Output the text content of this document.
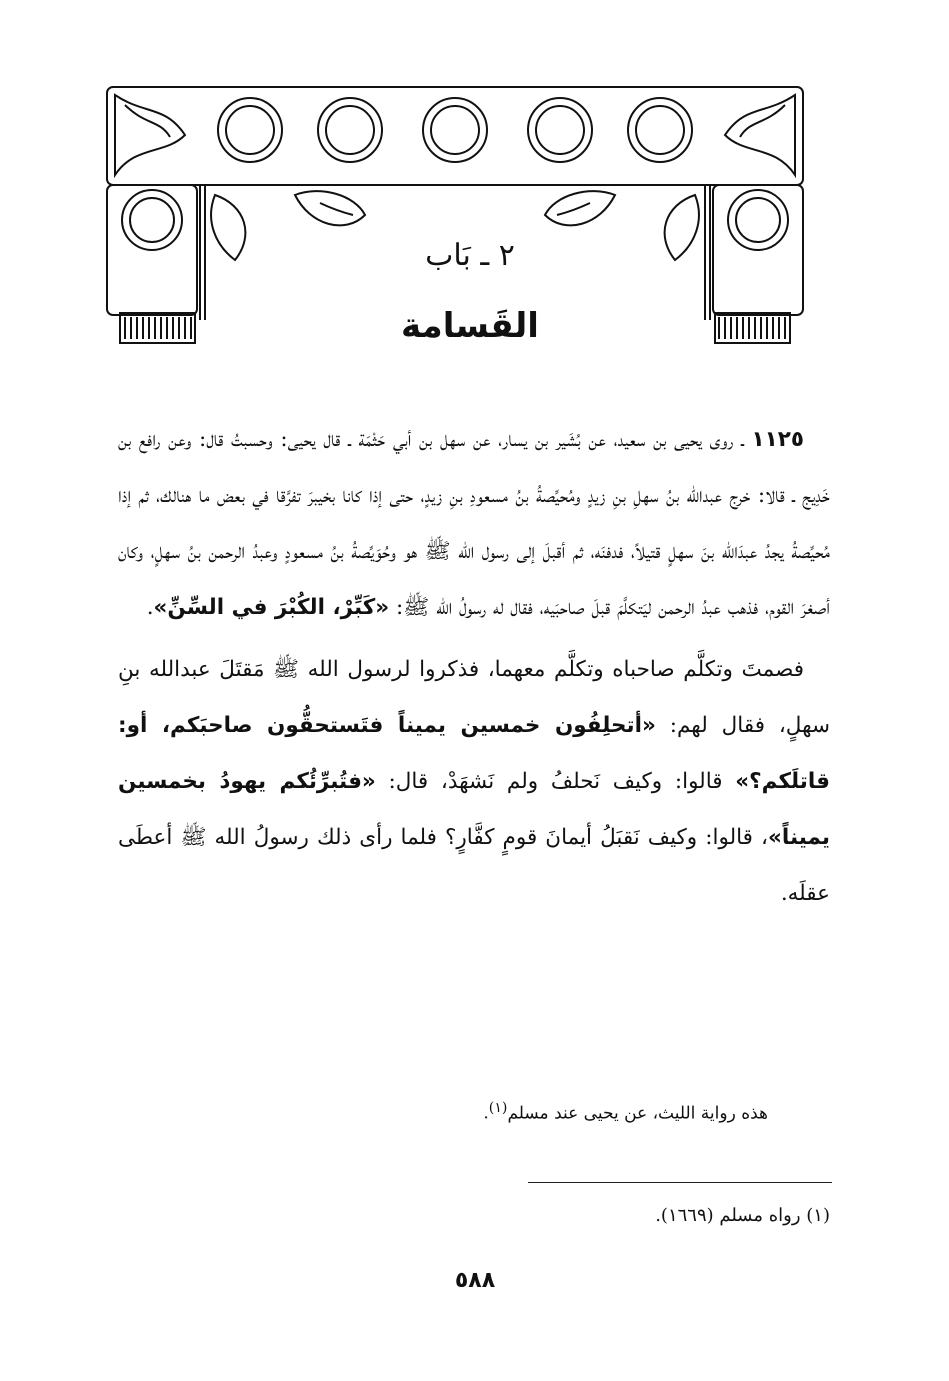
٢ ـ بَاب
القَسامة

١١٢٥ ـ روى يحيى بن سعيد، عن بُشَير بن يسار، عن سهل بن أبي حَثْمَة ـ قال يحيى: وحسبتُ قال: وعن رافع بن خَدِيج ـ قالا: خرج عبدالله بنُ سهلِ بنِ زيدٍ ومُحيِّصةُ بنُ مسعودِ بنِ زيدٍ، حتى إذا كانا بخيبرَ تفرَّقا في بعض ما هنالك، ثم إذا مُحيِّصةُ يجدُ عبدَالله بنَ سهلٍ قتيلاً، فدفنَه، ثم أقبلَ إلى رسول الله ﷺ هو وحُوَيِّصةُ بنُ مسعودٍ وعبدُ الرحمن بنُ سهلٍ، وكان أصغرَ القوم، فذهب عبدُ الرحمن ليَتكلَّمَ قبلَ صاحبَيه، فقال له رسولُ الله ﷺ: «كَبِّرْ، الكُبْرَ في السِّنِّ».

فصمتَ وتكلَّم صاحباه وتكلَّم معهما، فذكروا لرسول الله ﷺ مَقتَلَ عبدالله بنِ سهلٍ، فقال لهم: «أتحلِفُون خمسين يميناً فتَستحقُّون صاحبَكم، أو: قاتلَكم؟» قالوا: وكيف نَحلفُ ولم نَشهَدْ، قال: «فتُبرِّئُكم يهودُ بخمسين يميناً»، قالوا: وكيف نَقبَلُ أيمانَ قومٍ كفَّارٍ؟ فلما رأى ذلك رسولُ الله ﷺ أعطَى عقلَه.

هذه رواية الليث، عن يحيى عند مسلم$^{(١)}$.
(١) رواه مسلم (١٦٦٩).
٥٨٨
